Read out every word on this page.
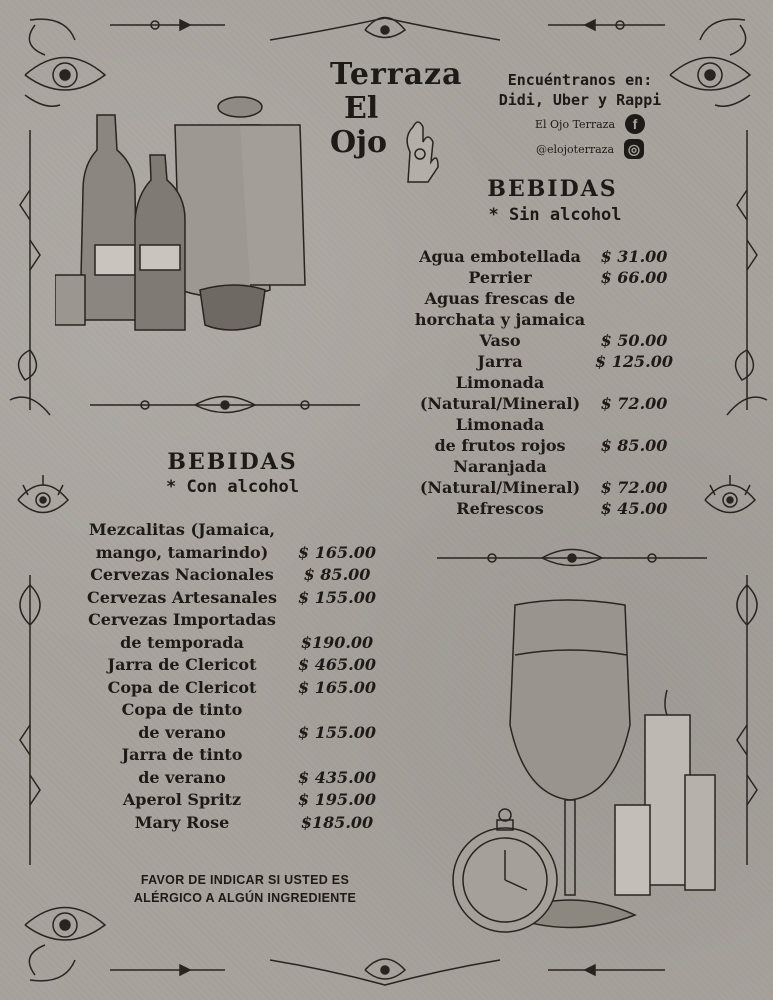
Terraza
El
Ojo
Encuéntranos en:
Didi, Uber y Rappi
El Ojo Terraza	f
@elojoterraza ◎
BEBIDAS
* Sin alcohol
Agua embotellada	$ 31.00
Perrier	$ 66.00
Aguas frescas de
horchata y jamaica
Vaso	$ 50.00
Jarra	$ 125.00
Limonada
(Natural/Mineral)	$ 72.00
Limonada
de frutos rojos	$ 85.00
Naranjada
(Natural/Mineral)	$ 72.00
Refrescos	$ 45.00
BEBIDAS
* Con alcohol
Mezcalitas (Jamaica,
mango, tamarindo)	$ 165.00
Cervezas Nacionales	$ 85.00
Cervezas Artesanales	$ 155.00
Cervezas Importadas
de temporada	$190.00
Jarra de Clericot	$ 465.00
Copa de Clericot	$ 165.00
Copa de tinto
de verano	$ 155.00
Jarra de tinto
de verano	$ 435.00
Aperol Spritz	$ 195.00
Mary Rose	$185.00
FAVOR DE INDICAR SI USTED ES
ALÉRGICO A ALGÚN INGREDIENTE
